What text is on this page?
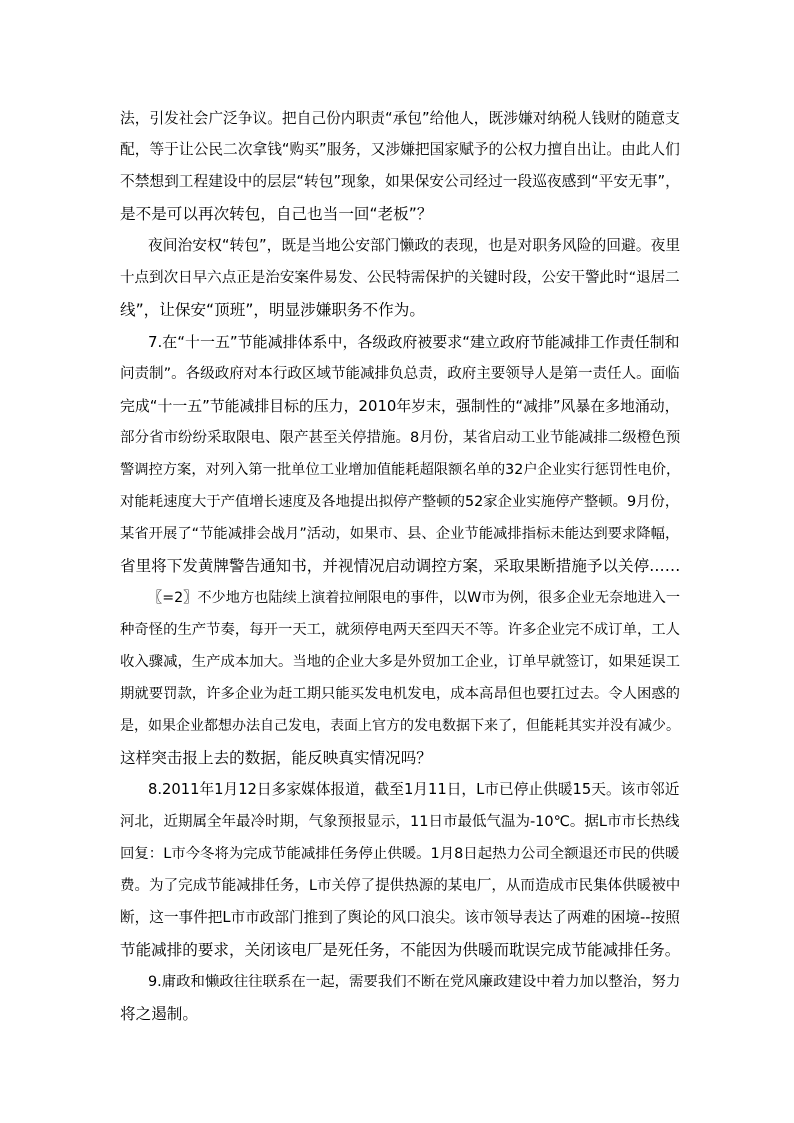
法，引发社会广泛争议。把自己份内职责“承包”给他人，既涉嫌对纳税人钱财的随意支
配，等于让公民二次拿钱“购买”服务，又涉嫌把国家赋予的公权力擅自出让。由此人们
不禁想到工程建设中的层层“转包”现象，如果保安公司经过一段巡夜感到“平安无事”，
是不是可以再次转包，自己也当一回“老板”？
夜间治安权“转包”，既是当地公安部门懒政的表现，也是对职务风险的回避。夜里
十点到次日早六点正是治安案件易发、公民特需保护的关键时段，公安干警此时“退居二
线”，让保安“顶班”，明显涉嫌职务不作为。
7.在“十一五”节能减排体系中，各级政府被要求“建立政府节能减排工作责任制和
问责制”。各级政府对本行政区域节能减排负总责，政府主要领导人是第一责任人。面临
完成“十一五”节能减排目标的压力，2010年岁末，强制性的“减排”风暴在多地涌动，
部分省市纷纷采取限电、限产甚至关停措施。8月份，某省启动工业节能减排二级橙色预
警调控方案，对列入第一批单位工业增加值能耗超限额名单的32户企业实行惩罚性电价，
对能耗速度大于产值增长速度及各地提出拟停产整顿的52家企业实施停产整顿。9月份，
某省开展了“节能减排会战月”活动，如果市、县、企业节能减排指标未能达到要求降幅，
省里将下发黄牌警告通知书，并视情况启动调控方案，采取果断措施予以关停……
〖=2〗不少地方也陆续上演着拉闸限电的事件，以W市为例，很多企业无奈地进入一
种奇怪的生产节奏，每开一天工，就须停电两天至四天不等。许多企业完不成订单，工人
收入骤减，生产成本加大。当地的企业大多是外贸加工企业，订单早就签订，如果延误工
期就要罚款，许多企业为赶工期只能买发电机发电，成本高昂但也要扛过去。令人困惑的
是，如果企业都想办法自己发电，表面上官方的发电数据下来了，但能耗其实并没有减少。
这样突击报上去的数据，能反映真实情况吗？
8.2011年1月12日多家媒体报道，截至1月11日，L市已停止供暖15天。该市邻近
河北，近期属全年最冷时期，气象预报显示，11日市最低气温为-10℃。据L市市长热线
回复：L市今冬将为完成节能减排任务停止供暖。1月8日起热力公司全额退还市民的供暖
费。为了完成节能减排任务，L市关停了提供热源的某电厂，从而造成市民集体供暖被中
断，这一事件把L市市政部门推到了舆论的风口浪尖。该市领导表达了两难的困境--按照
节能减排的要求，关闭该电厂是死任务，不能因为供暖而耽误完成节能减排任务。
9.庸政和懒政往往联系在一起，需要我们不断在党风廉政建设中着力加以整治，努力
将之遏制。
